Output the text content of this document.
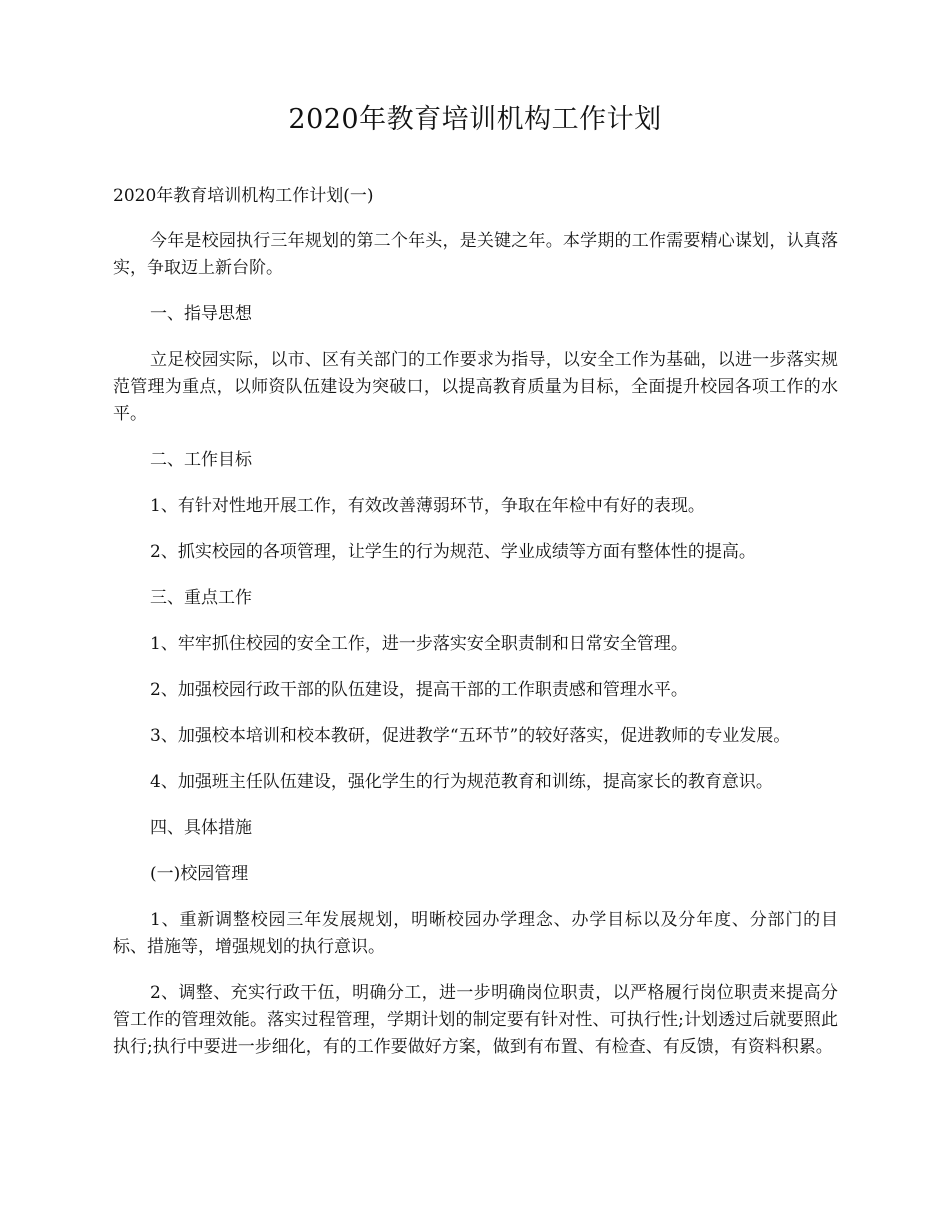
2020年教育培训机构工作计划
2020年教育培训机构工作计划(一)

今年是校园执行三年规划的第二个年头，是关键之年。本学期的工作需要精心谋划，认真落实，争取迈上新台阶。

一、指导思想

立足校园实际，以市、区有关部门的工作要求为指导，以安全工作为基础，以进一步落实规范管理为重点，以师资队伍建设为突破口，以提高教育质量为目标，全面提升校园各项工作的水平。

二、工作目标

1、有针对性地开展工作，有效改善薄弱环节，争取在年检中有好的表现。

2、抓实校园的各项管理，让学生的行为规范、学业成绩等方面有整体性的提高。

三、重点工作

1、牢牢抓住校园的安全工作，进一步落实安全职责制和日常安全管理。

2、加强校园行政干部的队伍建设，提高干部的工作职责感和管理水平。

3、加强校本培训和校本教研，促进教学“五环节”的较好落实，促进教师的专业发展。

4、加强班主任队伍建设，强化学生的行为规范教育和训练，提高家长的教育意识。

四、具体措施

(一)校园管理

1、重新调整校园三年发展规划，明晰校园办学理念、办学目标以及分年度、分部门的目标、措施等，增强规划的执行意识。

2、调整、充实行政干伍，明确分工，进一步明确岗位职责，以严格履行岗位职责来提高分管工作的管理效能。落实过程管理，学期计划的制定要有针对性、可执行性;计划透过后就要照此执行;执行中要进一步细化，有的工作要做好方案，做到有布置、有检查、有反馈，有资料积累。
